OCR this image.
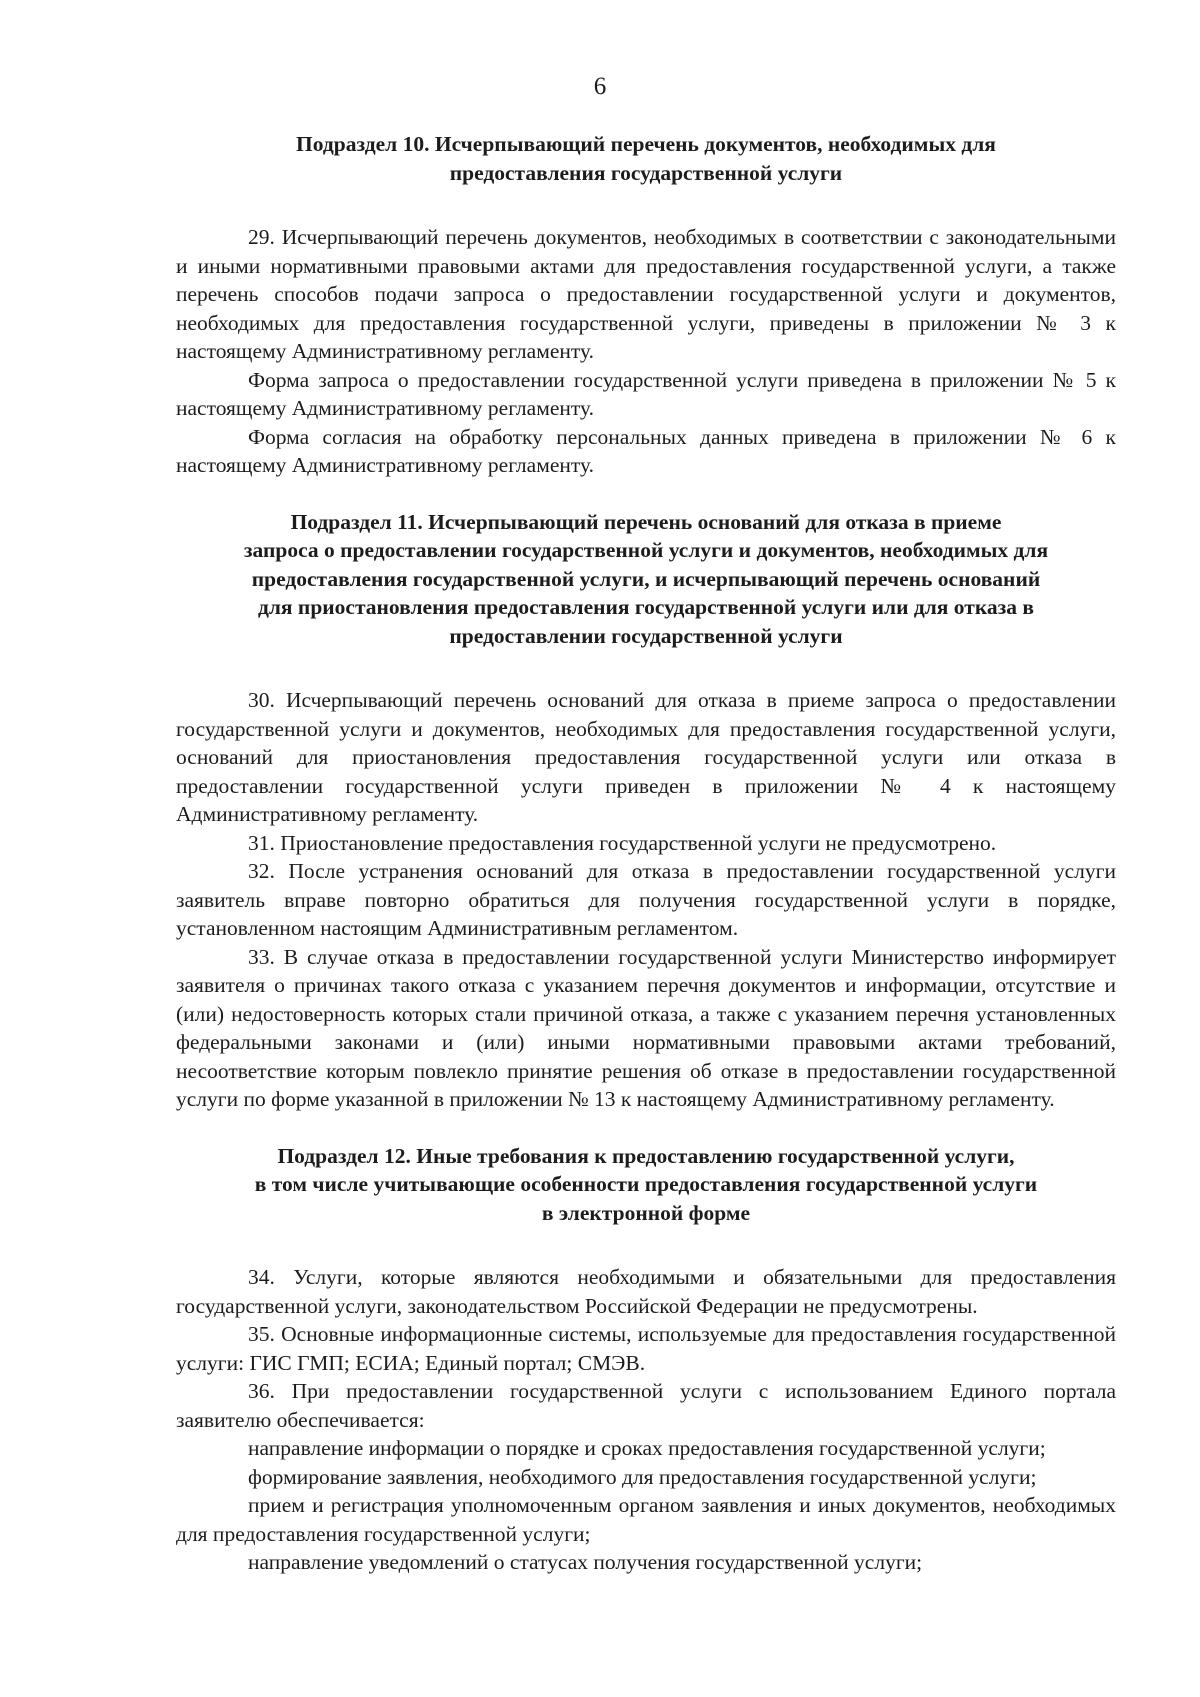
6
Подраздел 10. Исчерпывающий перечень документов, необходимых для
предоставления государственной услуги

29. Исчерпывающий перечень документов, необходимых в соответствии с законодательными и иными нормативными правовыми актами для предоставления государственной услуги, а также перечень способов подачи запроса о предоставлении государственной услуги и документов, необходимых для предоставления государственной услуги, приведены в приложении № 3 к настоящему Административному регламенту.

Форма запроса о предоставлении государственной услуги приведена в приложении № 5 к настоящему Административному регламенту.

Форма согласия на обработку персональных данных приведена в приложении № 6 к настоящему Административному регламенту.

Подраздел 11. Исчерпывающий перечень оснований для отказа в приеме
запроса о предоставлении государственной услуги и документов, необходимых для
предоставления государственной услуги, и исчерпывающий перечень оснований
для приостановления предоставления государственной услуги или для отказа в
предоставлении государственной услуги

30. Исчерпывающий перечень оснований для отказа в приеме запроса о предоставлении государственной услуги и документов, необходимых для предоставления государственной услуги, оснований для приостановления предоставления государственной услуги или отказа в предоставлении государственной услуги приведен в приложении № 4 к настоящему Административному регламенту.

31. Приостановление предоставления государственной услуги не предусмотрено.

32. После устранения оснований для отказа в предоставлении государственной услуги заявитель вправе повторно обратиться для получения государственной услуги в порядке, установленном настоящим Административным регламентом.

33. В случае отказа в предоставлении государственной услуги Министерство информирует заявителя о причинах такого отказа с указанием перечня документов и информации, отсутствие и (или) недостоверность которых стали причиной отказа, а также с указанием перечня установленных федеральными законами и (или) иными нормативными правовыми актами требований, несоответствие которым повлекло принятие решения об отказе в предоставлении государственной услуги по форме указанной в приложении № 13 к настоящему Административному регламенту.

Подраздел 12. Иные требования к предоставлению государственной услуги,
в том числе учитывающие особенности предоставления государственной услуги
в электронной форме

34. Услуги, которые являются необходимыми и обязательными для предоставления государственной услуги, законодательством Российской Федерации не предусмотрены.

35. Основные информационные системы, используемые для предоставления государственной услуги: ГИС ГМП; ЕСИА; Единый портал; СМЭВ.

36. При предоставлении государственной услуги с использованием Единого портала заявителю обеспечивается:

направление информации о порядке и сроках предоставления государственной услуги;

формирование заявления, необходимого для предоставления государственной услуги;

прием и регистрация уполномоченным органом заявления и иных документов, необходимых для предоставления государственной услуги;

направление уведомлений о статусах получения государственной услуги;
